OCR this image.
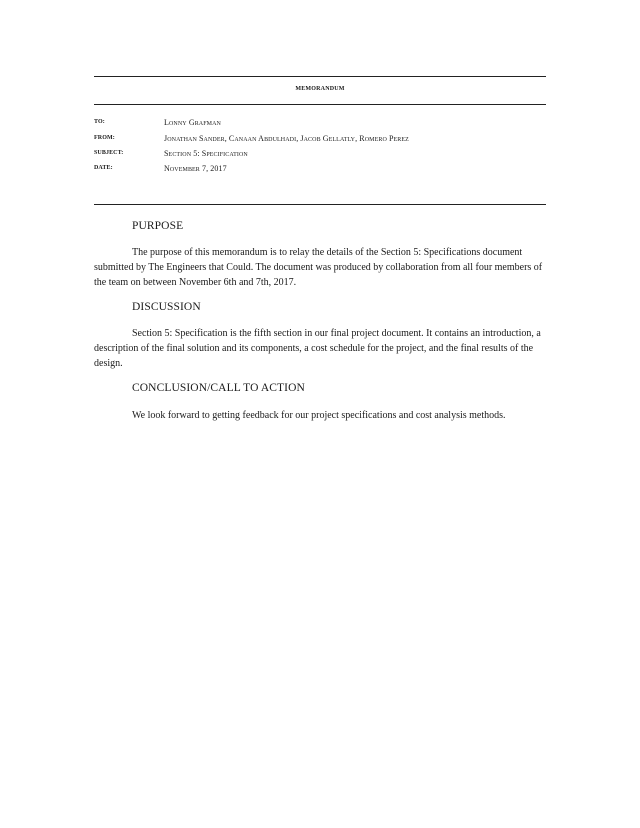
MEMORANDUM
TO:	Lonny Grafman
FROM:	Jonathan Sander, Canaan Abdulhadi, Jacob Gellatly, Romero Perez
SUBJECT:	Section 5: Specification
DATE:	November 7, 2017
PURPOSE

The purpose of this memorandum is to relay the details of the Section 5: Specifications document submitted by The Engineers that Could. The document was produced by collaboration from all four members of the team on between November 6th and 7th, 2017.

DISCUSSION

Section 5: Specification is the fifth section in our final project document. It contains an introduction, a description of the final solution and its components, a cost schedule for the project, and the final results of the design.

CONCLUSION/CALL TO ACTION

We look forward to getting feedback for our project specifications and cost analysis methods.
